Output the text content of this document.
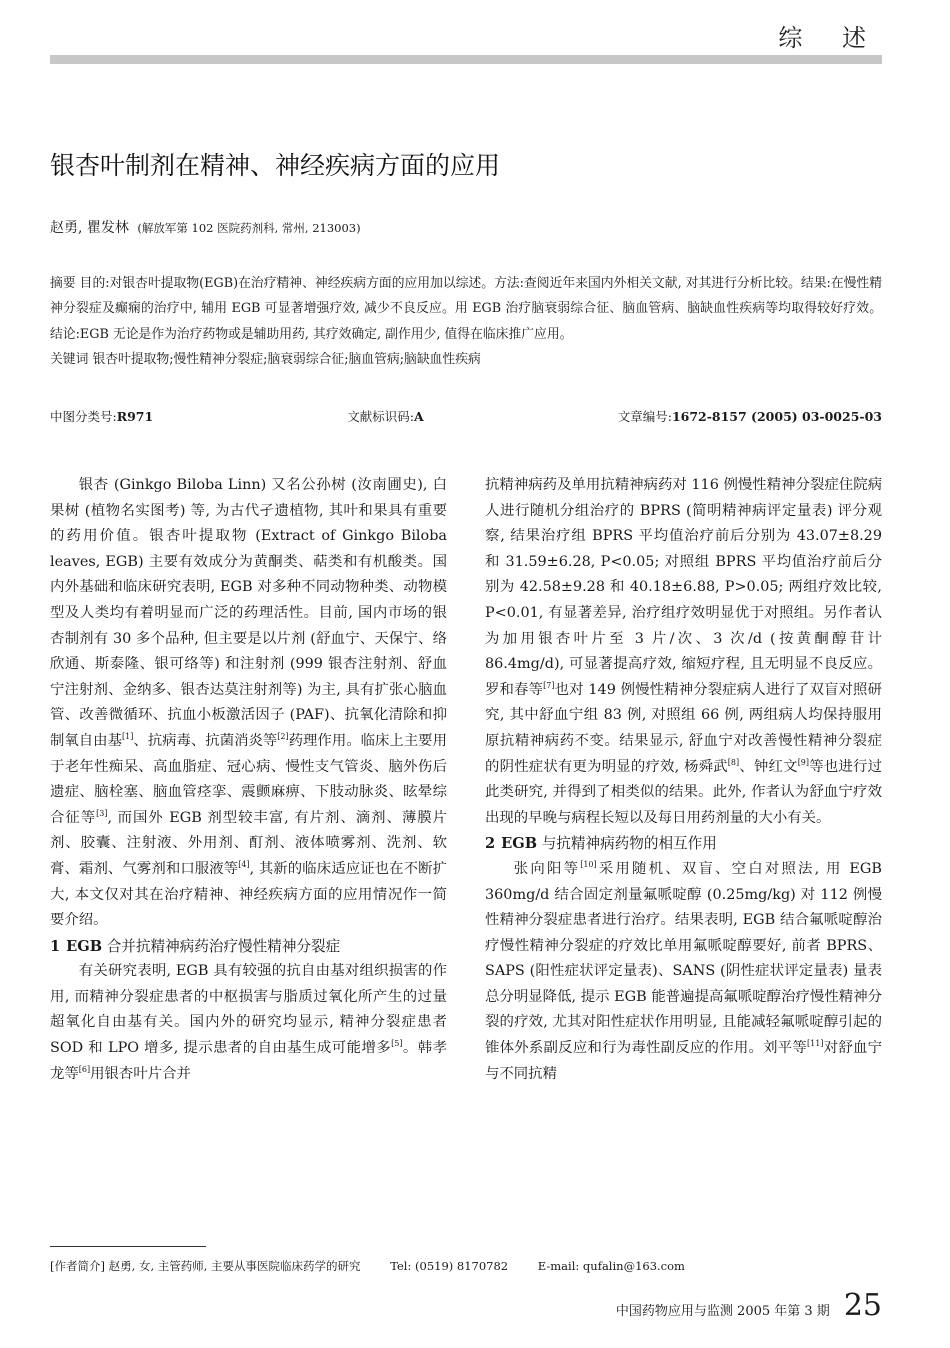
综 述
银杏叶制剂在精神、神经疾病方面的应用
赵勇, 瞿发林 (解放军第 102 医院药剂科, 常州, 213003)

摘要 目的:对银杏叶提取物(EGB)在治疗精神、神经疾病方面的应用加以综述。方法:查阅近年来国内外相关文献, 对其进行分析比较。结果:在慢性精神分裂症及癫痫的治疗中, 辅用 EGB 可显著增强疗效, 减少不良反应。用 EGB 治疗脑衰弱综合征、脑血管病、脑缺血性疾病等均取得较好疗效。结论:EGB 无论是作为治疗药物或是辅助用药, 其疗效确定, 副作用少, 值得在临床推广应用。

关键词 银杏叶提取物;慢性精神分裂症;脑衰弱综合征;脑血管病;脑缺血性疾病

中图分类号:R971	文献标识码:A	文章编号:1672-8157 (2005) 03-0025-03

银杏 (Ginkgo Biloba Linn) 又名公孙树 (汝南圃史), 白果树 (植物名实图考) 等, 为古代孑遗植物, 其叶和果具有重要的药用价值。银杏叶提取物 (Extract of Ginkgo Biloba leaves, EGB) 主要有效成分为黄酮类、萜类和有机酸类。国内外基础和临床研究表明, EGB 对多种不同动物种类、动物模型及人类均有着明显而广泛的药理活性。目前, 国内市场的银杏制剂有 30 多个品种, 但主要是以片剂 (舒血宁、天保宁、络欣通、斯泰隆、银可络等) 和注射剂 (999 银杏注射剂、舒血宁注射剂、金纳多、银杏达莫注射剂等) 为主, 具有扩张心脑血管、改善微循环、抗血小板激活因子 (PAF)、抗氧化清除和抑制氧自由基[1]、抗病毒、抗菌消炎等[2]药理作用。临床上主要用于老年性痴呆、高血脂症、冠心病、慢性支气管炎、脑外伤后遗症、脑栓塞、脑血管痉挛、震颤麻痹、下肢动脉炎、眩晕综合征等[3], 而国外 EGB 剂型较丰富, 有片剂、滴剂、薄膜片剂、胶囊、注射液、外用剂、酊剂、液体喷雾剂、洗剂、软膏、霜剂、气雾剂和口服液等[4], 其新的临床适应证也在不断扩大, 本文仅对其在治疗精神、神经疾病方面的应用情况作一简要介绍。

1 EGB 合并抗精神病药治疗慢性精神分裂症

有关研究表明, EGB 具有较强的抗自由基对组织损害的作用, 而精神分裂症患者的中枢损害与脂质过氧化所产生的过量超氧化自由基有关。国内外的研究均显示, 精神分裂症患者 SOD 和 LPO 增多, 提示患者的自由基生成可能增多[5]。韩孝龙等[6]用银杏叶片合并

抗精神病药及单用抗精神病药对 116 例慢性精神分裂症住院病人进行随机分组治疗的 BPRS (简明精神病评定量表) 评分观察, 结果治疗组 BPRS 平均值治疗前后分别为 43.07±8.29 和 31.59±6.28, P<0.05; 对照组 BPRS 平均值治疗前后分别为 42.58±9.28 和 40.18±6.88, P>0.05; 两组疗效比较, P<0.01, 有显著差异, 治疗组疗效明显优于对照组。另作者认为加用银杏叶片至 3 片/次、3 次/d (按黄酮醇苷计 86.4mg/d), 可显著提高疗效, 缩短疗程, 且无明显不良反应。罗和春等[7]也对 149 例慢性精神分裂症病人进行了双盲对照研究, 其中舒血宁组 83 例, 对照组 66 例, 两组病人均保持服用原抗精神病药不变。结果显示, 舒血宁对改善慢性精神分裂症的阴性症状有更为明显的疗效, 杨舜武[8]、钟红文[9]等也进行过此类研究, 并得到了相类似的结果。此外, 作者认为舒血宁疗效出现的早晚与病程长短以及每日用药剂量的大小有关。

2 EGB 与抗精神病药物的相互作用

张向阳等[10]采用随机、双盲、空白对照法, 用 EGB 360mg/d 结合固定剂量氟哌啶醇 (0.25mg/kg) 对 112 例慢性精神分裂症患者进行治疗。结果表明, EGB 结合氟哌啶醇治疗慢性精神分裂症的疗效比单用氟哌啶醇要好, 前者 BPRS、SAPS (阳性症状评定量表)、SANS (阴性症状评定量表) 量表总分明显降低, 提示 EGB 能普遍提高氟哌啶醇治疗慢性精神分裂的疗效, 尤其对阳性症状作用明显, 且能减轻氟哌啶醇引起的锥体外系副反应和行为毒性副反应的作用。刘平等[11]对舒血宁与不同抗精

[作者简介] 赵勇, 女, 主管药师, 主要从事医院临床药学的研究	Tel: (0519) 8170782	E-mail: qufalin@163.com
中国药物应用与监测 2005 年第 3 期 25
